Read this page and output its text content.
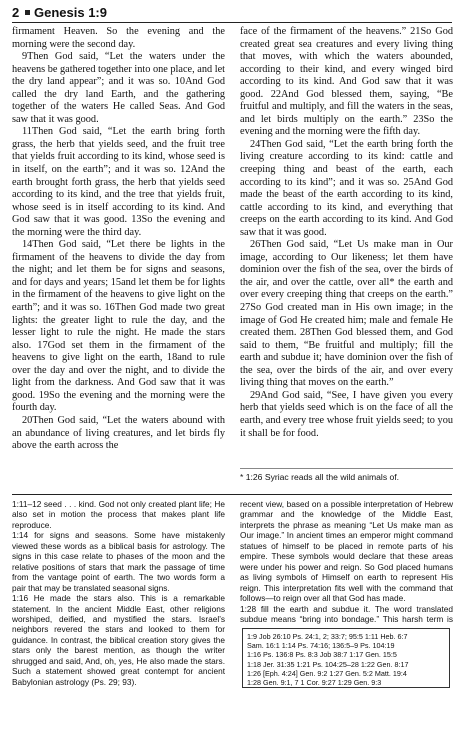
2 Genesis 1:9

firmament Heaven. So the evening and the morning were the second day.

9Then God said, “Let the waters under the heavens be gathered together into one place, and let the dry land appear”; and it was so. 10And God called the dry land Earth, and the gathering together of the waters He called Seas. And God saw that it was good.

11Then God said, “Let the earth bring forth grass, the herb that yields seed, and the fruit tree that yields fruit according to its kind, whose seed is in itself, on the earth”; and it was so. 12And the earth brought forth grass, the herb that yields seed according to its kind, and the tree that yields fruit, whose seed is in itself according to its kind. And God saw that it was good. 13So the evening and the morning were the third day.

14Then God said, “Let there be lights in the firmament of the heavens to divide the day from the night; and let them be for signs and seasons, and for days and years; 15and let them be for lights in the firmament of the heavens to give light on the earth”; and it was so. 16Then God made two great lights: the greater light to rule the day, and the lesser light to rule the night. He made the stars also. 17God set them in the firmament of the heavens to give light on the earth, 18and to rule over the day and over the night, and to divide the light from the darkness. And God saw that it was good. 19So the evening and the morning were the fourth day.

20Then God said, “Let the waters abound with an abundance of living creatures, and let birds fly above the earth across the

face of the firmament of the heavens.” 21So God created great sea creatures and every living thing that moves, with which the waters abounded, according to their kind, and every winged bird according to its kind. And God saw that it was good. 22And God blessed them, saying, “Be fruitful and multiply, and fill the waters in the seas, and let birds multiply on the earth.” 23So the evening and the morning were the fifth day.

24Then God said, “Let the earth bring forth the living creature according to its kind: cattle and creeping thing and beast of the earth, each according to its kind”; and it was so. 25And God made the beast of the earth according to its kind, cattle according to its kind, and everything that creeps on the earth according to its kind. And God saw that it was good.

26Then God said, “Let Us make man in Our image, according to Our likeness; let them have dominion over the fish of the sea, over the birds of the air, and over the cattle, over all* the earth and over every creeping thing that creeps on the earth.” 27So God created man in His own image; in the image of God He created him; male and female He created them. 28Then God blessed them, and God said to them, “Be fruitful and multiply; fill the earth and subdue it; have dominion over the fish of the sea, over the birds of the air, and over every living thing that moves on the earth.”

29And God said, “See, I have given you every herb that yields seed which is on the face of all the earth, and every tree whose fruit yields seed; to you it shall be for food.

* 1:26 Syriac reads all the wild animals of.

1:11–12 seed . . . kind. God not only created plant life; He also set in motion the process that makes plant life reproduce.

1:14 for signs and seasons. Some have mistakenly viewed these words as a biblical basis for astrology. The signs in this case relate to phases of the moon and the relative positions of stars that mark the passage of time from the vantage point of earth. The two words form a pair that may be translated seasonal signs.

1:16 He made the stars also. This is a remarkable statement. In the ancient Middle East, other religions worshiped, deified, and mystified the stars. Israel’s neighbors revered the stars and looked to them for guidance. In contrast, the biblical creation story gives the stars only the barest mention, as though the writer shrugged and said, And, oh, yes, He also made the stars. Such a statement showed great contempt for ancient Babylonian astrology (Ps. 29; 93).

recent view, based on a possible interpretation of Hebrew grammar and the knowledge of the Middle East, interprets the phrase as meaning “Let Us make man as Our image.” In ancient times an emperor might command statues of himself to be placed in remote parts of his empire. These symbols would declare that these areas were under his power and reign. So God placed humans as living symbols of Himself on earth to represent His reign. This interpretation fits well with the command that follows—to reign over all that God has made.

1:28 fill the earth and subdue it. The word translated subdue means “bring into bondage.” This harsh term is

1:9 Job 26:10 Ps. 24:1, 2; 33:7; 95:5 1:11 Heb. 6:7
Sam. 16:1 1:14 Ps. 74:16; 136:5–9 Ps. 104:19
1:16 Ps. 136:8 Ps. 8:3 Job 38:7 1:17 Gen. 15:5
1:18 Jer. 31:35 1:21 Ps. 104:25–28 1:22 Gen. 8:17
1:26 [Eph. 4:24] Gen. 9:2 1:27 Gen. 5:2 Matt. 19:4
1:28 Gen. 9:1, 7 1 Cor. 9:27 1:29 Gen. 9:3
